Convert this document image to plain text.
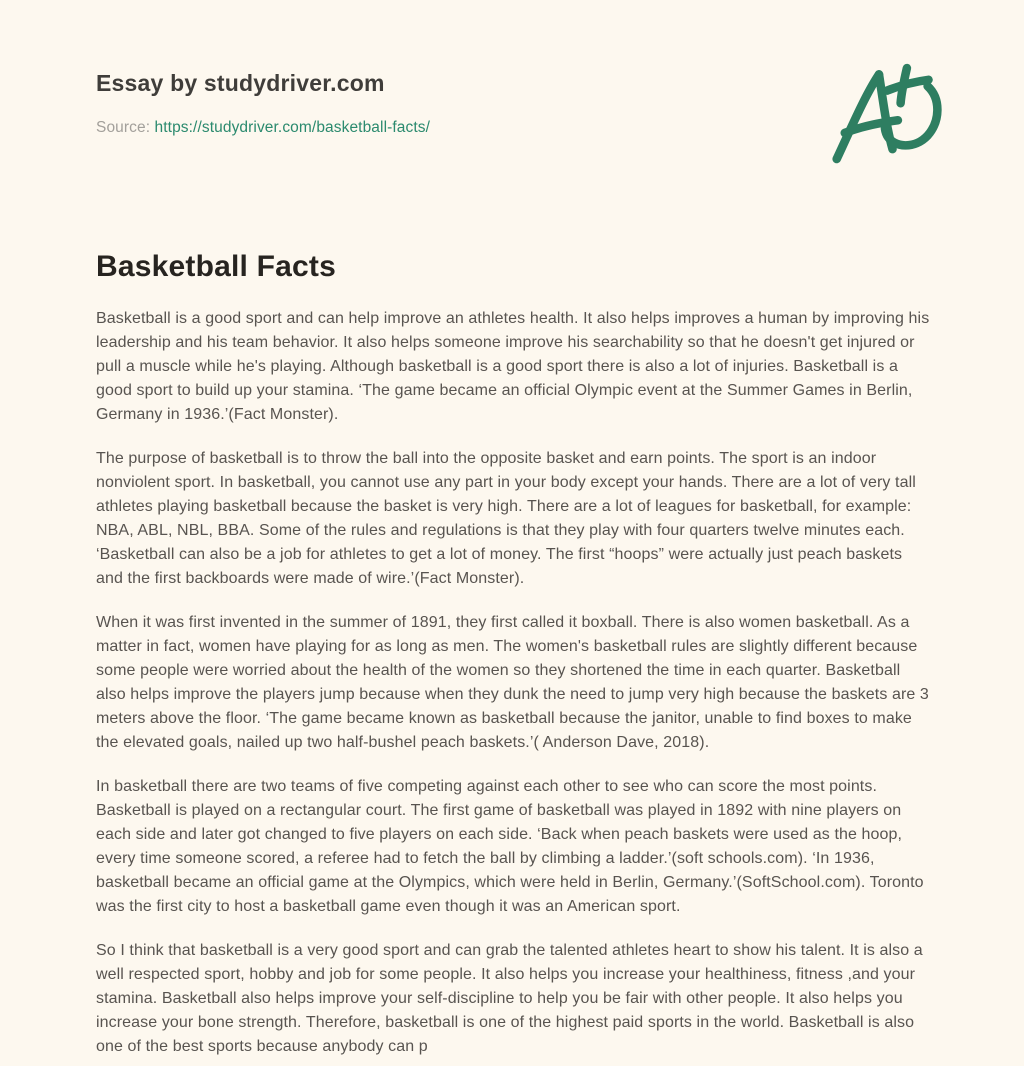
Essay by studydriver.com
Source: https://studydriver.com/basketball-facts/
Basketball Facts

Basketball is a good sport and can help improve an athletes health. It also helps improves a human by improving his leadership and his team behavior. It also helps someone improve his searchability so that he doesn't get injured or pull a muscle while he's playing. Although basketball is a good sport there is also a lot of injuries. Basketball is a good sport to build up your stamina. ‘The game became an official Olympic event at the Summer Games in Berlin, Germany in 1936.’(Fact Monster).

The purpose of basketball is to throw the ball into the opposite basket and earn points. The sport is an indoor nonviolent sport. In basketball, you cannot use any part in your body except your hands. There are a lot of very tall athletes playing basketball because the basket is very high. There are a lot of leagues for basketball, for example: NBA, ABL, NBL, BBA. Some of the rules and regulations is that they play with four quarters twelve minutes each. ‘Basketball can also be a job for athletes to get a lot of money. The first “hoops” were actually just peach baskets and the first backboards were made of wire.’(Fact Monster).

When it was first invented in the summer of 1891, they first called it boxball. There is also women basketball. As a matter in fact, women have playing for as long as men. The women's basketball rules are slightly different because some people were worried about the health of the women so they shortened the time in each quarter. Basketball also helps improve the players jump because when they dunk the need to jump very high because the baskets are 3 meters above the floor. ‘The game became known as basketball because the janitor, unable to find boxes to make the elevated goals, nailed up two half-bushel peach baskets.’( Anderson Dave, 2018).

In basketball there are two teams of five competing against each other to see who can score the most points. Basketball is played on a rectangular court. The first game of basketball was played in 1892 with nine players on each side and later got changed to five players on each side. ‘Back when peach baskets were used as the hoop, every time someone scored, a referee had to fetch the ball by climbing a ladder.’(soft schools.com). ‘In 1936, basketball became an official game at the Olympics, which were held in Berlin, Germany.’(SoftSchool.com). Toronto was the first city to host a basketball game even though it was an American sport.

So I think that basketball is a very good sport and can grab the talented athletes heart to show his talent. It is also a well respected sport, hobby and job for some people. It also helps you increase your healthiness, fitness ,and your stamina. Basketball also helps improve your self-discipline to help you be fair with other people. It also helps you increase your bone strength. Therefore, basketball is one of the highest paid sports in the world. Basketball is also one of the best sports because anybody can p
